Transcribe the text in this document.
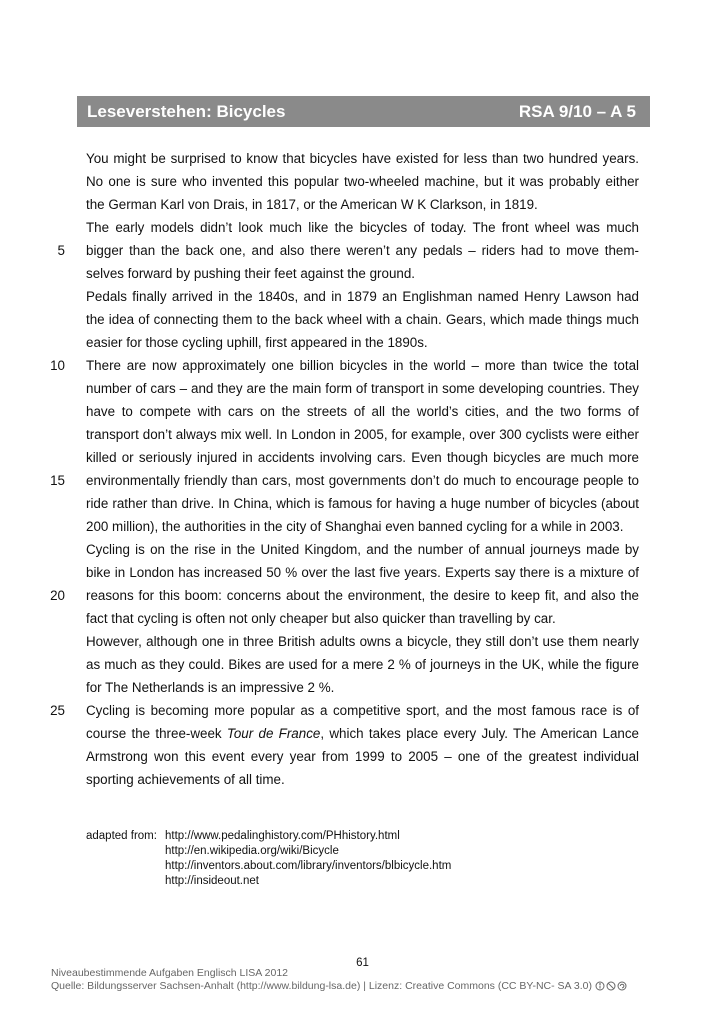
Leseverstehen: Bicycles	RSA 9/10 – A 5
You might be surprised to know that bicycles have existed for less than two hundred years.
No one is sure who invented this popular two-wheeled machine, but it was probably either
the German Karl von Drais, in 1817, or the American W K Clarkson, in 1819.
The early models didn’t look much like the bicycles of today. The front wheel was much
bigger than the back one, and also there weren’t any pedals – riders had to move them-
selves forward by pushing their feet against the ground.
Pedals finally arrived in the 1840s, and in 1879 an Englishman named Henry Lawson had
the idea of connecting them to the back wheel with a chain. Gears, which made things much
easier for those cycling uphill, first appeared in the 1890s.
There are now approximately one billion bicycles in the world – more than twice the total
number of cars – and they are the main form of transport in some developing countries. They
have to compete with cars on the streets of all the world’s cities, and the two forms of
transport don’t always mix well. In London in 2005, for example, over 300 cyclists were either
killed or seriously injured in accidents involving cars. Even though bicycles are much more
environmentally friendly than cars, most governments don’t do much to encourage people to
ride rather than drive. In China, which is famous for having a huge number of bicycles (about
200 million), the authorities in the city of Shanghai even banned cycling for a while in 2003.
Cycling is on the rise in the United Kingdom, and the number of annual journeys made by
bike in London has increased 50 % over the last five years. Experts say there is a mixture of
reasons for this boom: concerns about the environment, the desire to keep fit, and also the
fact that cycling is often not only cheaper but also quicker than travelling by car.
However, although one in three British adults owns a bicycle, they still don’t use them nearly
as much as they could. Bikes are used for a mere 2 % of journeys in the UK, while the figure
for The Netherlands is an impressive 2 %.
Cycling is becoming more popular as a competitive sport, and the most famous race is of
course the three-week Tour de France, which takes place every July. The American Lance
Armstrong won this event every year from 1999 to 2005 – one of the greatest individual
sporting achievements of all time.
5
10
15
20
25
adapted from: http://www.pedalinghistory.com/PHhistory.html
http://en.wikipedia.org/wiki/Bicycle
http://inventors.about.com/library/inventors/blbicycle.htm
http://insideout.net
61
Niveaubestimmende Aufgaben Englisch LISA 2012
Quelle: Bildungsserver Sachsen-Anhalt (http://www.bildung-lsa.de) | Lizenz: Creative Commons (CC BY-NC- SA 3.0)
